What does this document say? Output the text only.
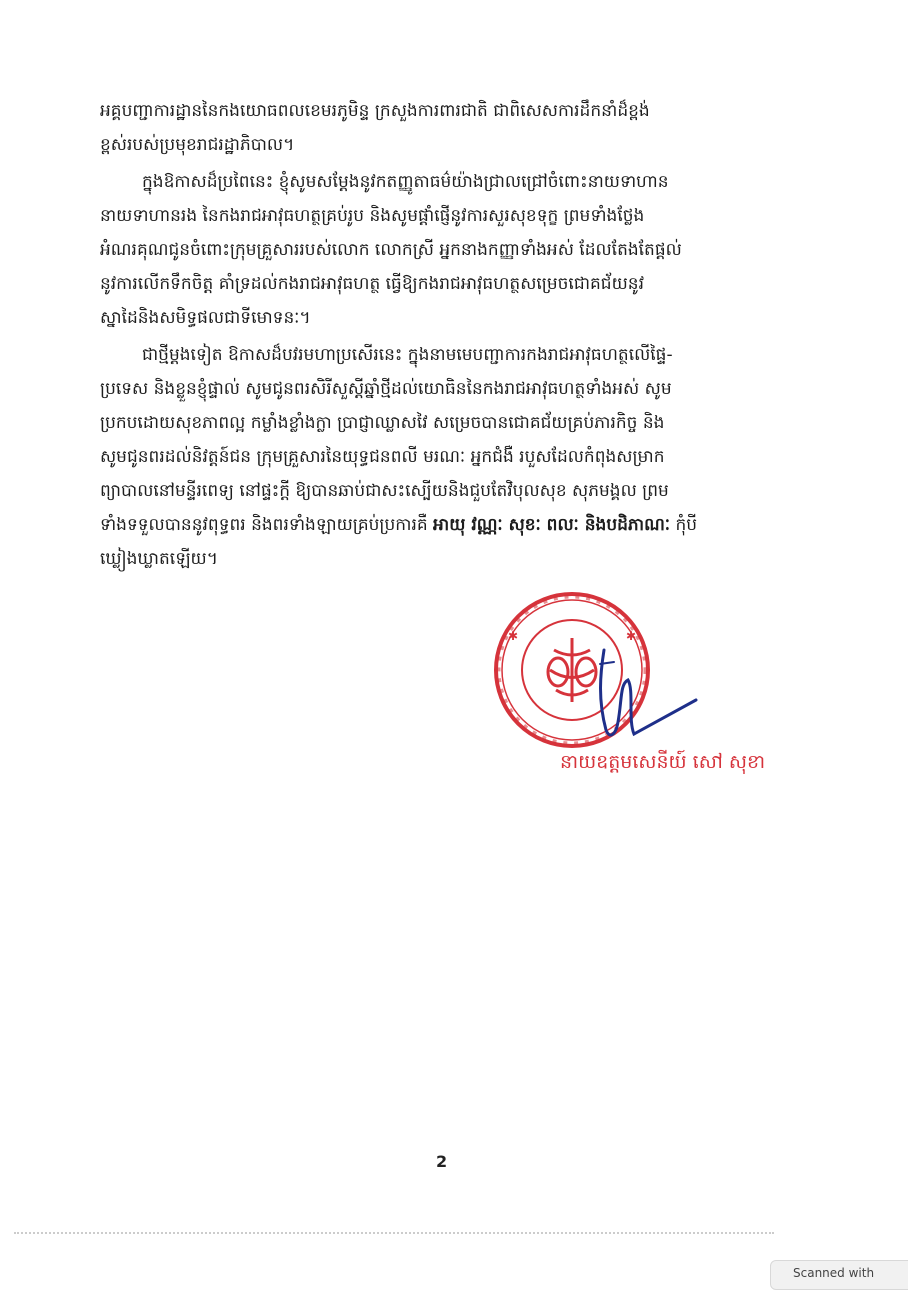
អគ្គបញ្ជាការដ្ឋាននៃកងយោធពលខេមរភូមិន្ទ ក្រសួងការពារជាតិ ជាពិសេសការដឹកនាំដ៏ខ្ពង់
ខ្ពស់របស់ប្រមុខរាជរដ្ឋាភិបាល។
ក្នុងឱកាសដ៏ប្រពៃនេះ ខ្ញុំសូមសម្តែងនូវកតញ្ញូតាធម៌យ៉ាងជ្រាលជ្រៅចំពោះនាយទាហាន
នាយទាហានរង នៃកងរាជអាវុធហត្ថគ្រប់រូប និងសូមផ្តាំផ្ញើនូវការសួរសុខទុក្ខ ព្រមទាំងថ្លែង
អំណរគុណជូនចំពោះក្រុមគ្រួសាររបស់លោក លោកស្រី អ្នកនាងកញ្ញាទាំងអស់ ដែលតែងតែផ្តល់
នូវការលើកទឹកចិត្ត គាំទ្រដល់កងរាជអាវុធហត្ថ ធ្វើឱ្យកងរាជអាវុធហត្ថសម្រេចជោគជ័យនូវ
ស្នាដៃនិងសមិទ្ធផលជាទីមោទនៈ។
ជាថ្មីម្តងទៀត ឱកាសដ៏បវរមហាប្រសើរនេះ ក្នុងនាមមេបញ្ជាការកងរាជអាវុធហត្ថលើផ្ទៃ-
ប្រទេស និងខ្លួនខ្ញុំផ្ទាល់ សូមជូនពរសិរីសួស្តីឆ្នាំថ្មីដល់យោធិននៃកងរាជអាវុធហត្ថទាំងអស់ សូម
ប្រកបដោយសុខភាពល្អ កម្លាំងខ្លាំងក្លា ប្រាជ្ញាឈ្លាសវៃ សម្រេចបានជោគជ័យគ្រប់ភារកិច្ច និង
សូមជូនពរដល់និវត្តន៍ជន ក្រុមគ្រួសារនៃយុទ្ធជនពលី មរណៈ អ្នកជំងឺ របួសដែលកំពុងសម្រាក
ព្យាបាលនៅមន្ទីរពេទ្យ នៅផ្ទះក្តី ឱ្យបានឆាប់ជាសះស្បើយនិងជួបតែវិបុលសុខ សុភមង្គល ព្រម
ទាំងទទួលបាននូវពុទ្ធពរ និងពរទាំងឡាយគ្រប់ប្រការគឺ អាយុ វណ្ណៈ សុខៈ ពលៈ និងបដិភាណៈ កុំបី
ឃ្លៀងឃ្លាតឡើយ។
✱	✱
នាយឧត្តមសេនីយ៍ សៅ សុខា
2
Scanned with
